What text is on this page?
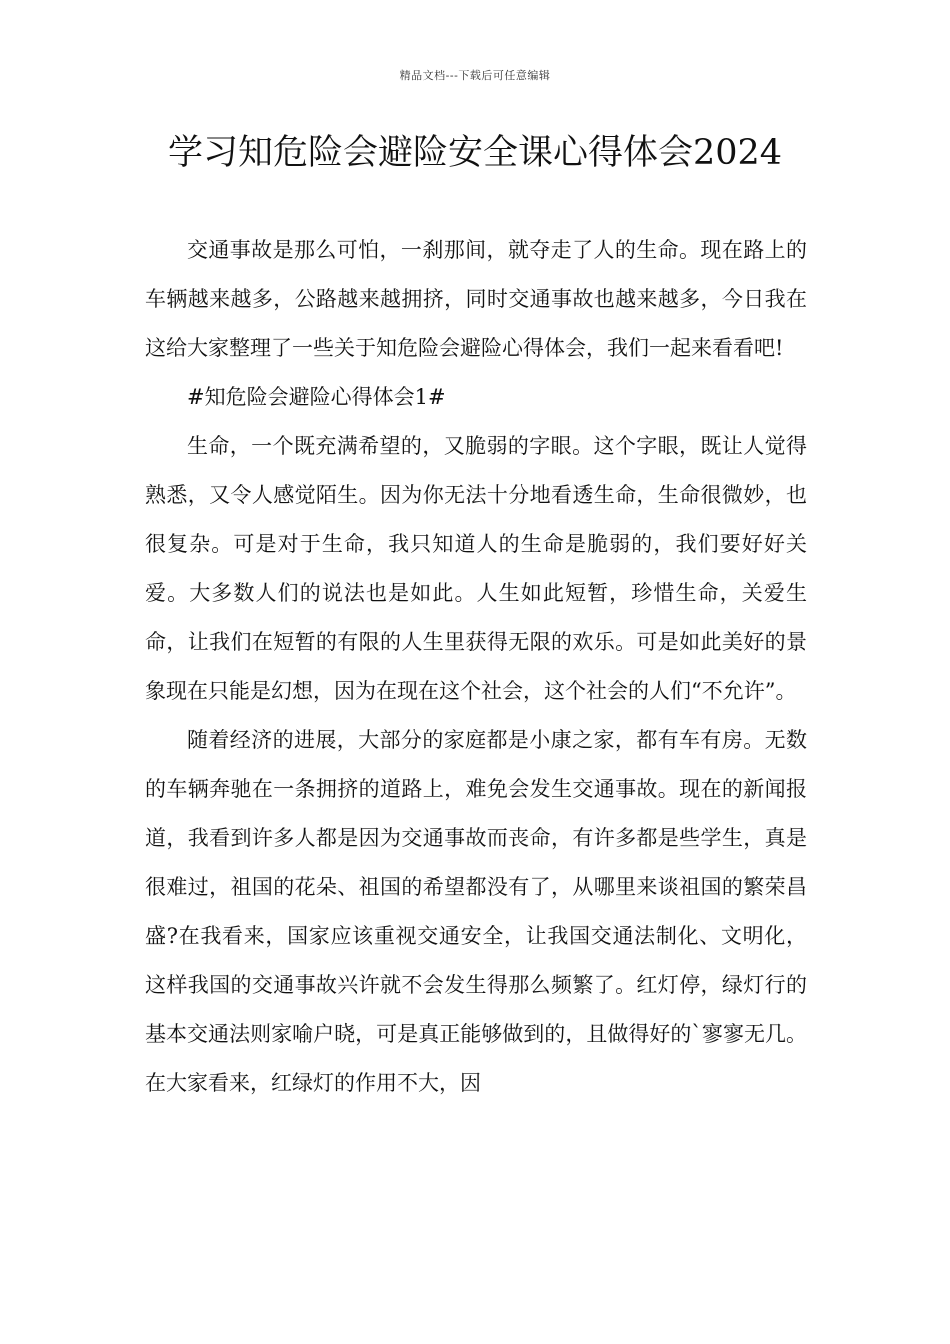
精品文档---下载后可任意编辑
学习知危险会避险安全课心得体会2024

交通事故是那么可怕，一刹那间，就夺走了人的生命。现在路上的车辆越来越多，公路越来越拥挤，同时交通事故也越来越多，今日我在这给大家整理了一些关于知危险会避险心得体会，我们一起来看看吧!

#知危险会避险心得体会1#

生命，一个既充满希望的，又脆弱的字眼。这个字眼，既让人觉得熟悉，又令人感觉陌生。因为你无法十分地看透生命，生命很微妙，也很复杂。可是对于生命，我只知道人的生命是脆弱的，我们要好好关爱。大多数人们的说法也是如此。人生如此短暂，珍惜生命，关爱生命，让我们在短暂的有限的人生里获得无限的欢乐。可是如此美好的景象现在只能是幻想，因为在现在这个社会，这个社会的人们“不允许”。

随着经济的进展，大部分的家庭都是小康之家，都有车有房。无数的车辆奔驰在一条拥挤的道路上，难免会发生交通事故。现在的新闻报道，我看到许多人都是因为交通事故而丧命，有许多都是些学生，真是很难过，祖国的花朵、祖国的希望都没有了，从哪里来谈祖国的繁荣昌盛?在我看来，国家应该重视交通安全，让我国交通法制化、文明化，这样我国的交通事故兴许就不会发生得那么频繁了。红灯停，绿灯行的基本交通法则家喻户晓，可是真正能够做到的，且做得好的`寥寥无几。在大家看来，红绿灯的作用不大，因
